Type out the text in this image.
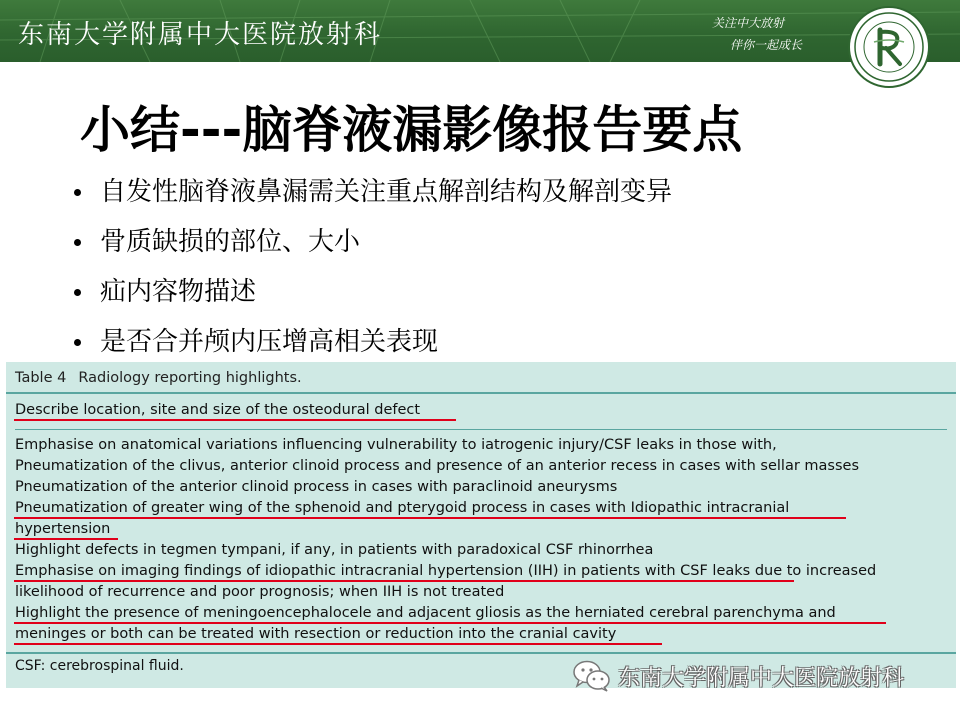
东南大学附属中大医院放射科	关注中大放射
伴你一起成长
小结---脑脊液漏影像报告要点
自发性脑脊液鼻漏需关注重点解剖结构及解剖变异
骨质缺损的部位、大小
疝内容物描述
是否合并颅内压增高相关表现
Table 4 Radiology reporting highlights.
Describe location, site and size of the osteodural defect
Emphasise on anatomical variations influencing vulnerability to iatrogenic injury/CSF leaks in those with,
Pneumatization of the clivus, anterior clinoid process and presence of an anterior recess in cases with sellar masses
Pneumatization of the anterior clinoid process in cases with paraclinoid aneurysms
Pneumatization of greater wing of the sphenoid and pterygoid process in cases with Idiopathic intracranial
hypertension
Highlight defects in tegmen tympani, if any, in patients with paradoxical CSF rhinorrhea
Emphasise on imaging findings of idiopathic intracranial hypertension (IIH) in patients with CSF leaks due to increased
likelihood of recurrence and poor prognosis; when IIH is not treated
Highlight the presence of meningoencephalocele and adjacent gliosis as the herniated cerebral parenchyma and
meninges or both can be treated with resection or reduction into the cranial cavity
CSF: cerebrospinal fluid.	东南大学附属中大医院放射科
